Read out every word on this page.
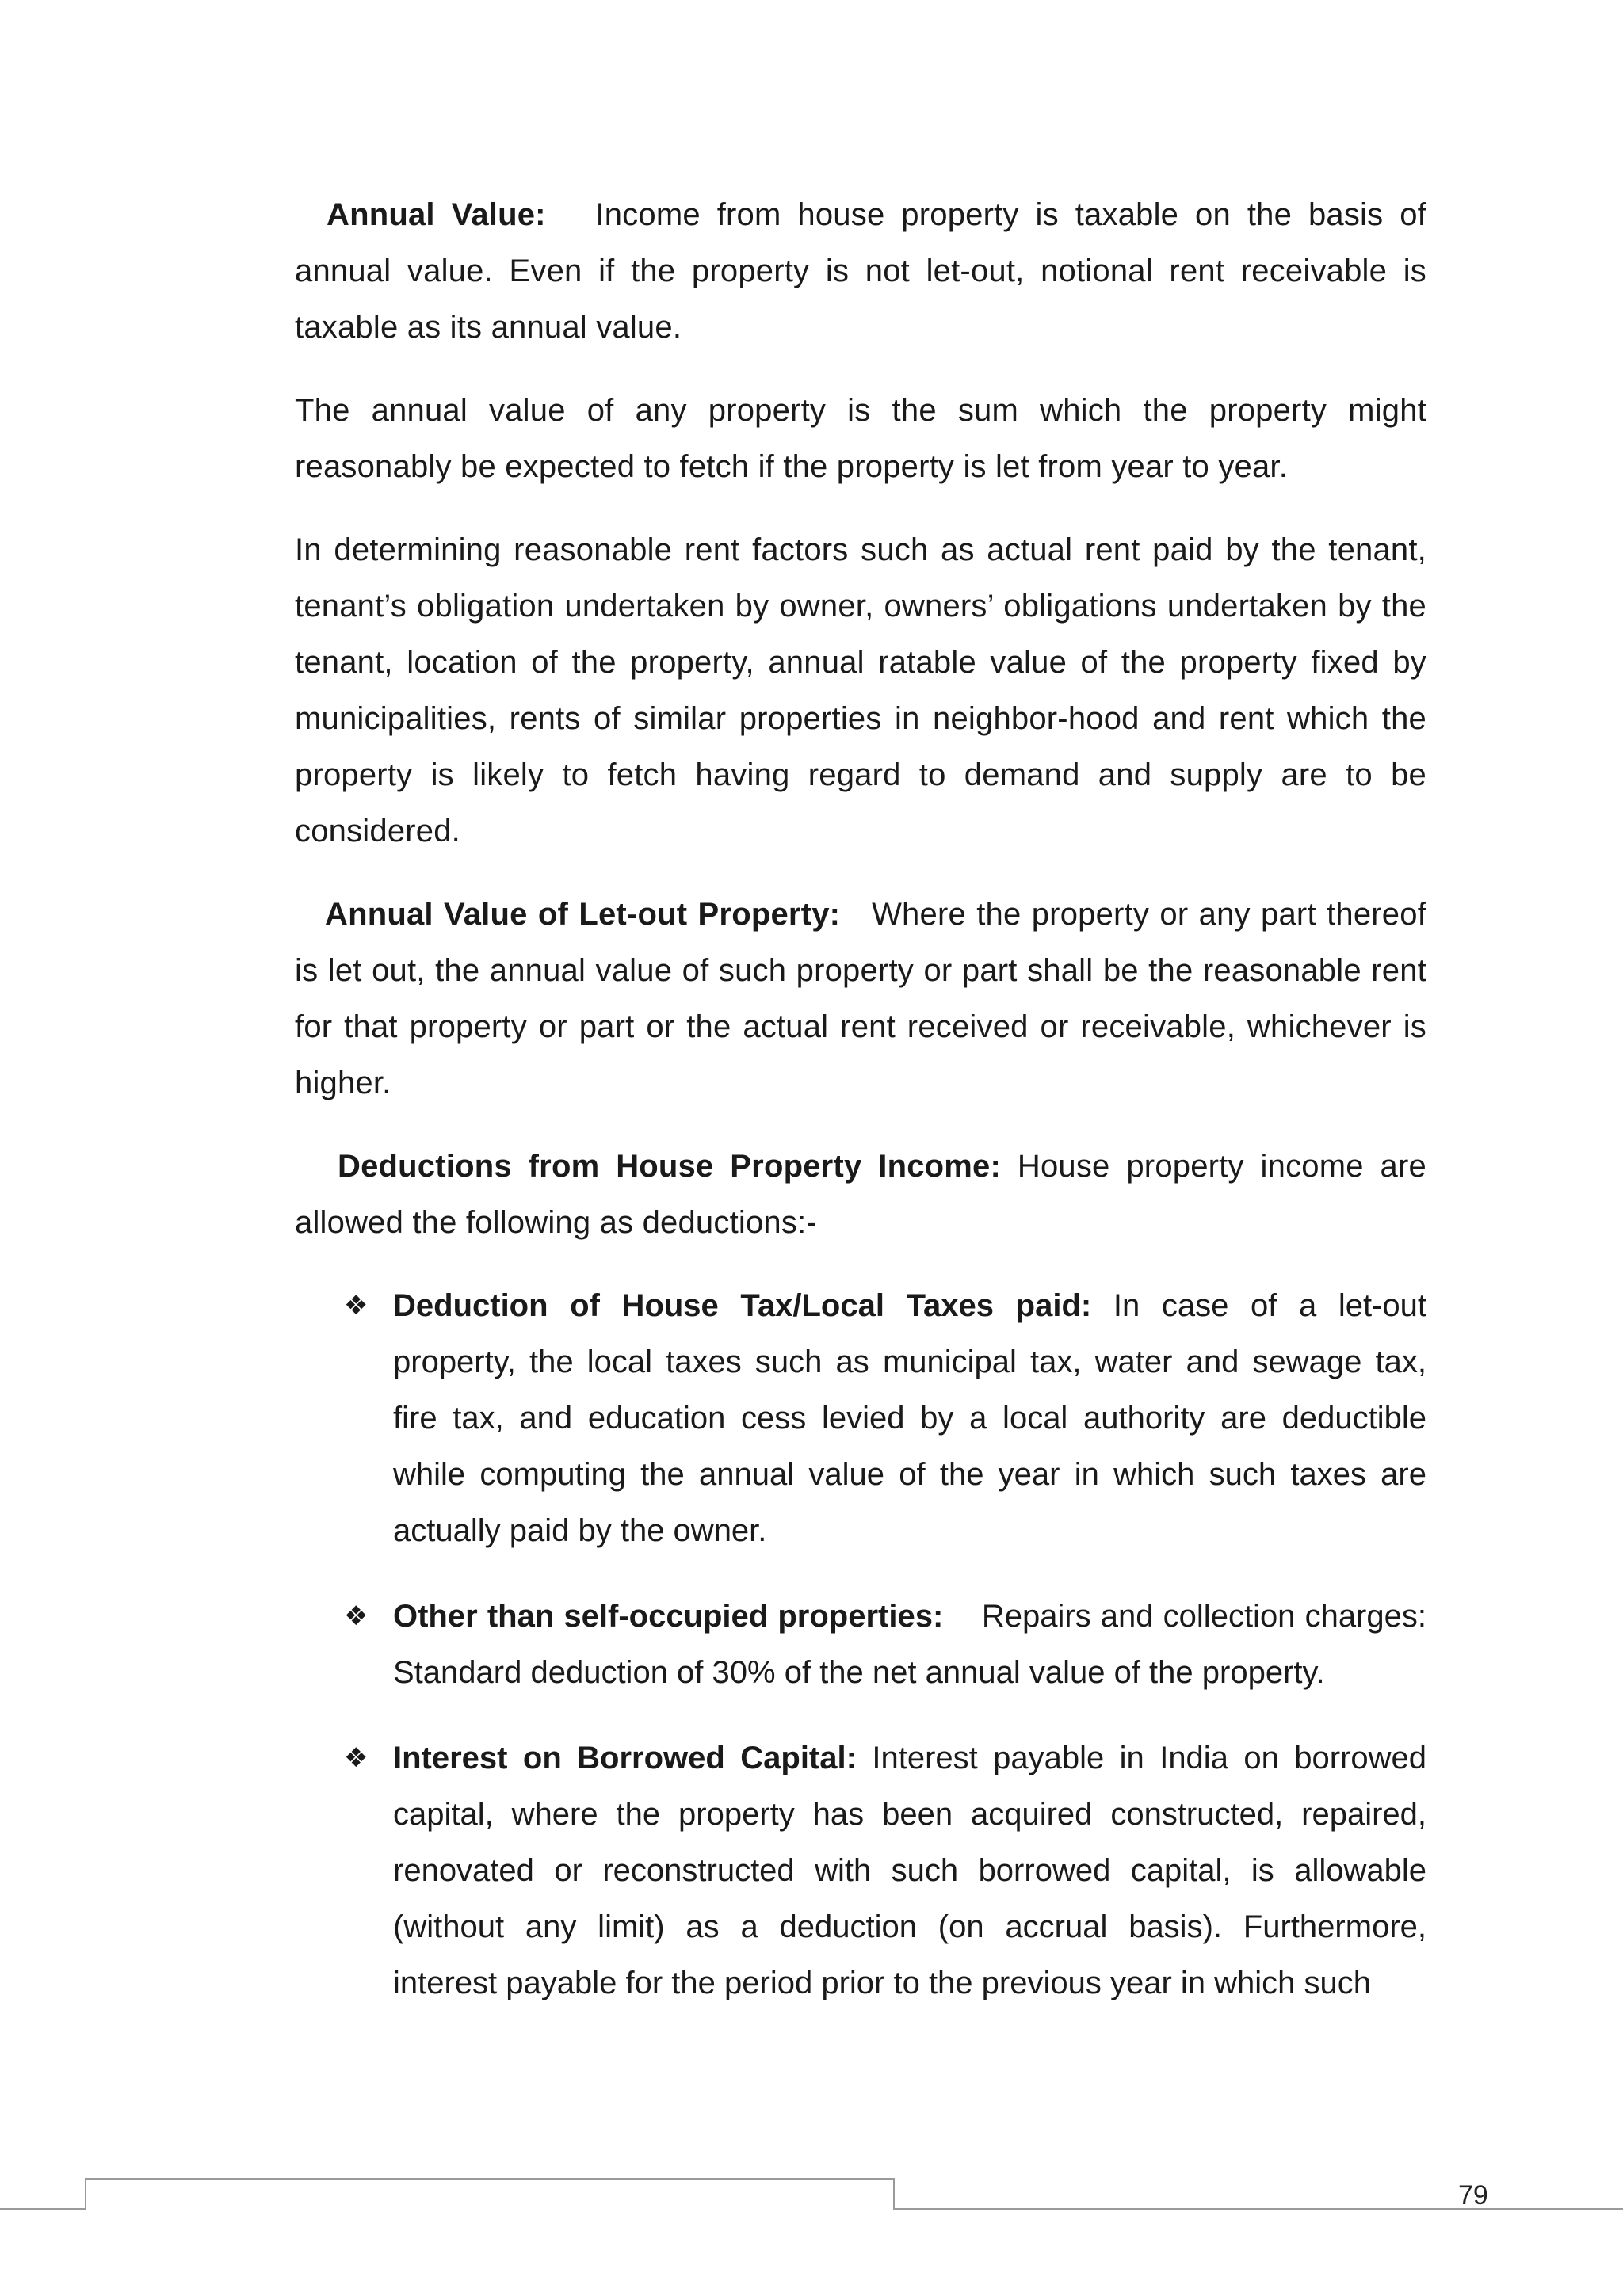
Annual Value: Income from house property is taxable on the basis of annual value. Even if the property is not let-out, notional rent receivable is taxable as its annual value.

The annual value of any property is the sum which the property might reasonably be expected to fetch if the property is let from year to year.

In determining reasonable rent factors such as actual rent paid by the tenant, tenant’s obligation undertaken by owner, owners’ obligations undertaken by the tenant, location of the property, annual ratable value of the property fixed by municipalities, rents of similar properties in neighbor-hood and rent which the property is likely to fetch having regard to demand and supply are to be considered.

Annual Value of Let-out Property: Where the property or any part thereof is let out, the annual value of such property or part shall be the reasonable rent for that property or part or the actual rent received or receivable, whichever is higher.

Deductions from House Property Income: House property income are allowed the following as deductions:-

❖ Deduction of House Tax/Local Taxes paid: In case of a let-out property, the local taxes such as municipal tax, water and sewage tax, fire tax, and education cess levied by a local authority are deductible while computing the annual value of the year in which such taxes are actually paid by the owner.
❖ Other than self-occupied properties: Repairs and collection charges: Standard deduction of 30% of the net annual value of the property.
❖ Interest on Borrowed Capital: Interest payable in India on borrowed capital, where the property has been acquired constructed, repaired, renovated or reconstructed with such borrowed capital, is allowable (without any limit) as a deduction (on accrual basis). Furthermore, interest payable for the period prior to the previous year in which such
79
